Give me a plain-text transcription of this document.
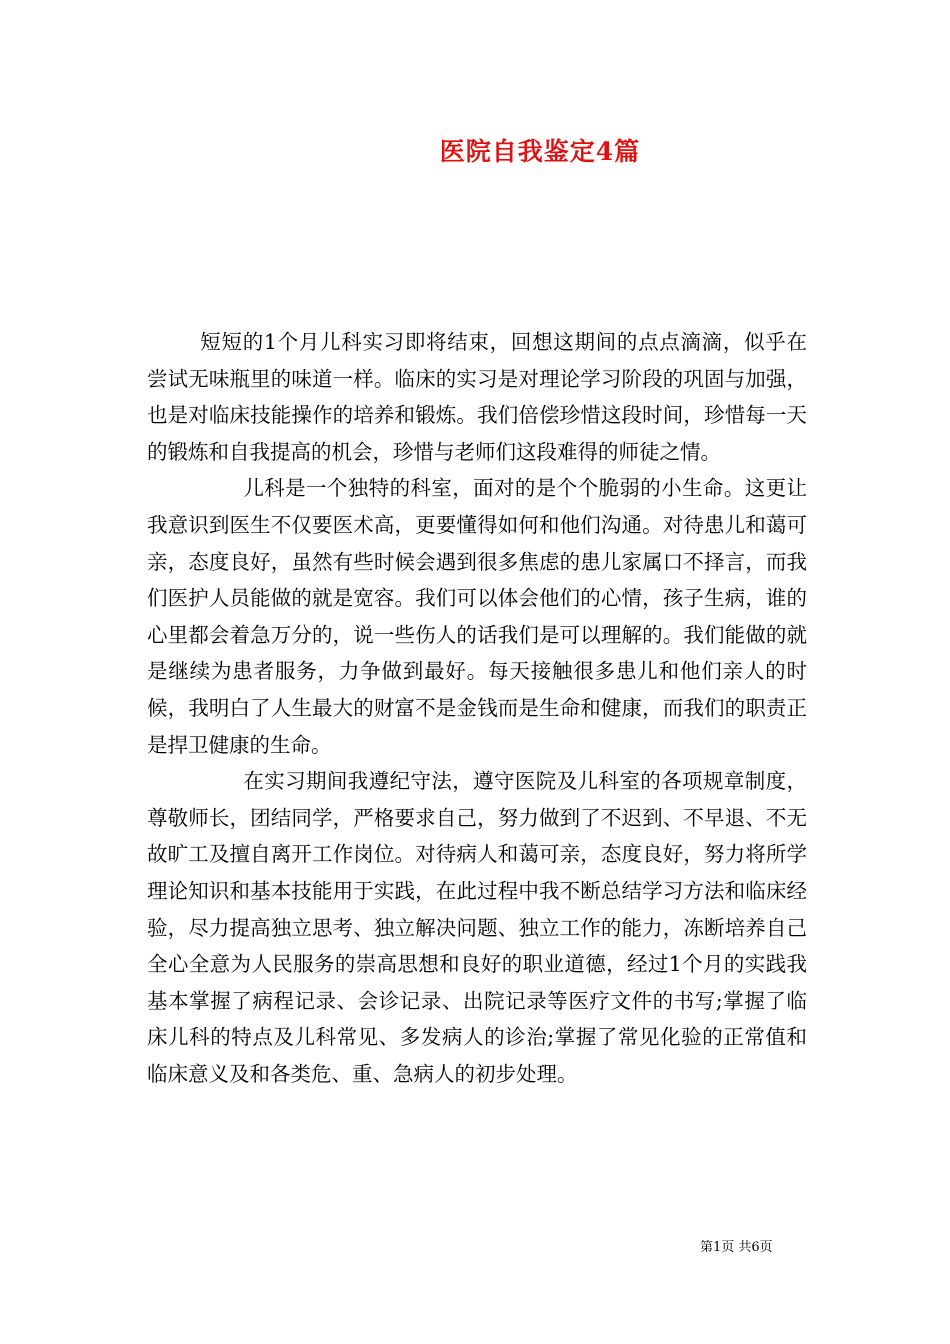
医院自我鉴定4篇

短短的1个月儿科实习即将结束，回想这期间的点点滴滴，似乎在尝试无味瓶里的味道一样。临床的实习是对理论学习阶段的巩固与加强，也是对临床技能操作的培养和锻炼。我们倍偿珍惜这段时间，珍惜每一天的锻炼和自我提高的机会，珍惜与老师们这段难得的师徒之情。

儿科是一个独特的科室，面对的是个个脆弱的小生命。这更让我意识到医生不仅要医术高，更要懂得如何和他们沟通。对待患儿和蔼可亲，态度良好，虽然有些时候会遇到很多焦虑的患儿家属口不择言，而我们医护人员能做的就是宽容。我们可以体会他们的心情，孩子生病，谁的心里都会着急万分的，说一些伤人的话我们是可以理解的。我们能做的就是继续为患者服务，力争做到最好。每天接触很多患儿和他们亲人的时候，我明白了人生最大的财富不是金钱而是生命和健康，而我们的职责正是捍卫健康的生命。

在实习期间我遵纪守法，遵守医院及儿科室的各项规章制度，尊敬师长，团结同学，严格要求自己，努力做到了不迟到、不早退、不无故旷工及擅自离开工作岗位。对待病人和蔼可亲，态度良好，努力将所学理论知识和基本技能用于实践，在此过程中我不断总结学习方法和临床经验，尽力提高独立思考、独立解决问题、独立工作的能力，冻断培养自己全心全意为人民服务的崇高思想和良好的职业道德，经过1个月的实践我基本掌握了病程记录、会诊记录、出院记录等医疗文件的书写;掌握了临床儿科的特点及儿科常见、多发病人的诊治;掌握了常见化验的正常值和临床意义及和各类危、重、急病人的初步处理。

第1页 共6页
